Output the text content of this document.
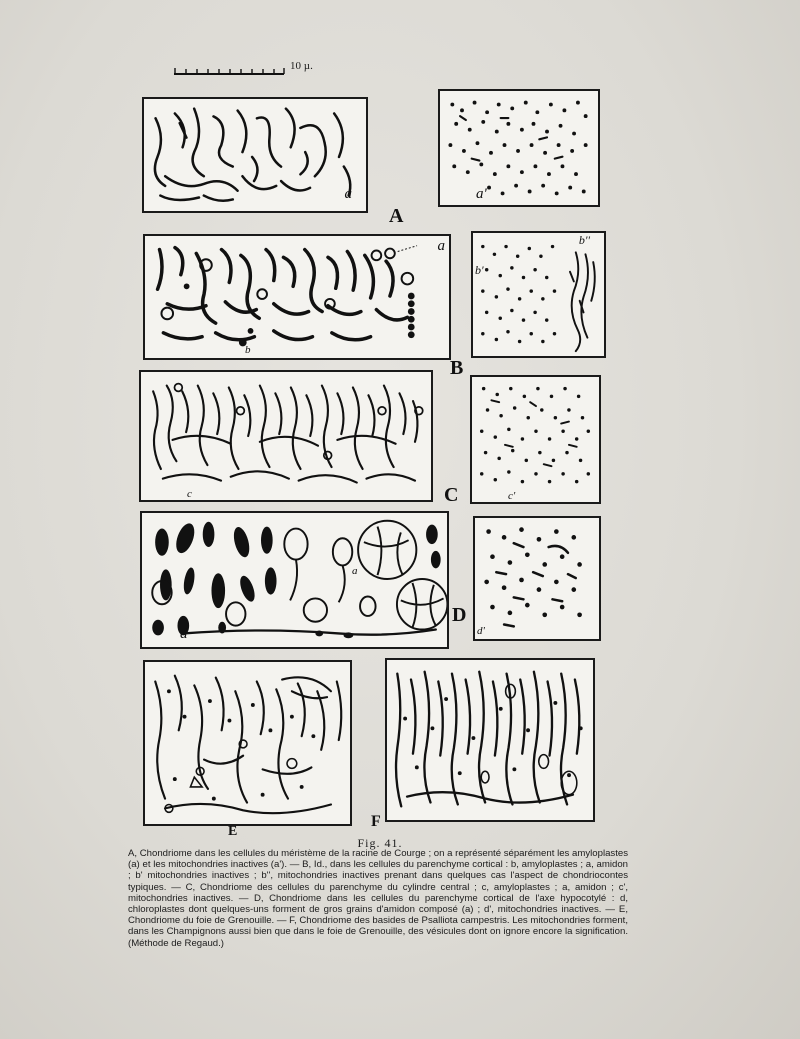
10 µ.
a	a'
A
a
b
b'
b''
B
c	c'
C
d
a
d'
D
E
F
Fig. 41.

A, Chondriome dans les cellules du méristème de la racine de Courge ; on a représenté séparément les amyloplastes (a) et les mitochondries inactives (a'). — B, Id., dans les cellules du parenchyme cortical : b, amyloplastes ; a, amidon ; b' mitochondries inactives ; b'', mitochondries inactives prenant dans quelques cas l'aspect de chondriocontes typiques. — C, Chondriome des cellules du parenchyme du cylindre central ; c, amyloplastes ; a, amidon ; c', mitochondries inactives. — D, Chondriome dans les cellules du parenchyme cortical de l'axe hypocotylé : d, chloroplastes dont quelques-uns forment de gros grains d'amidon composé (a) ; d', mitochondries inactives. — E, Chondriome du foie de Grenouille. — F, Chondriome des basides de Psalliota campestris. Les mitochondries forment, dans les Champignons aussi bien que dans le foie de Grenouille, des vésicules dont on ignore encore la signification. (Méthode de Regaud.)
